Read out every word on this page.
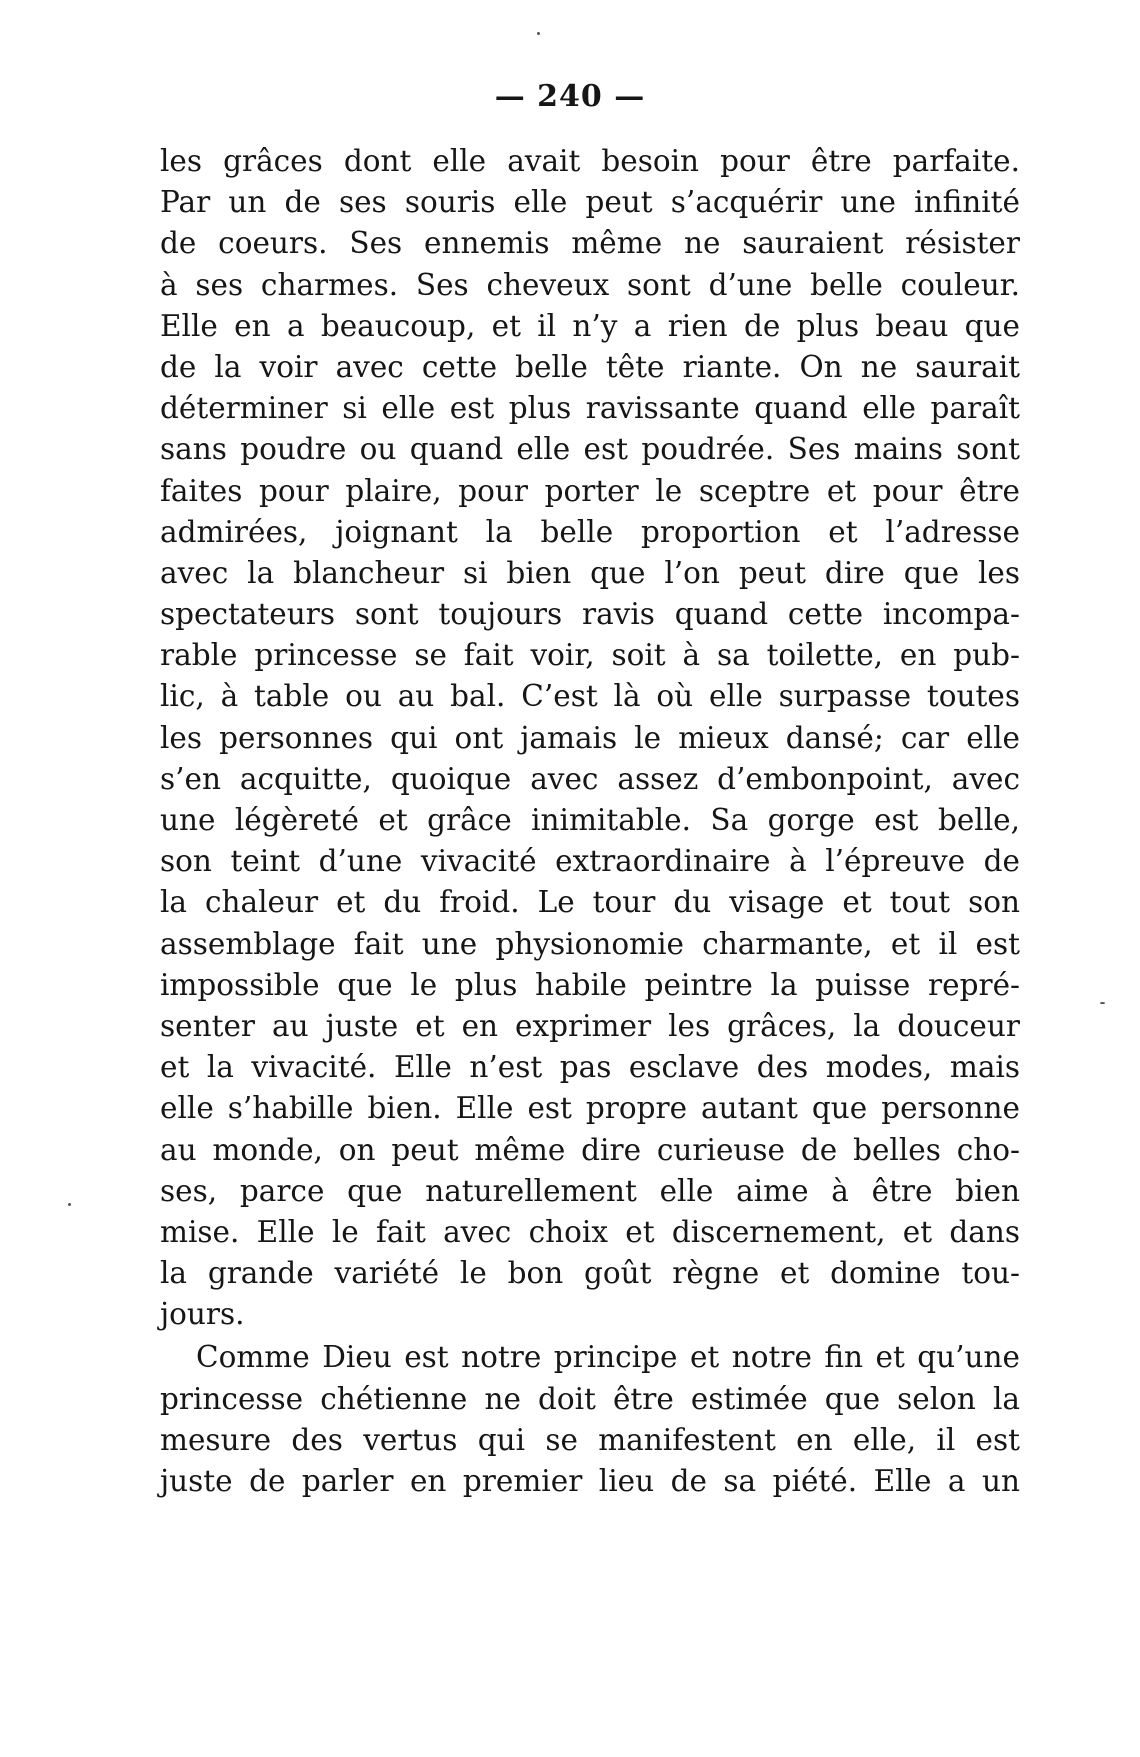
— 240 —
les grâces dont elle avait besoin pour être parfaite.
Par un de ses souris elle peut s’acquérir une infinité
de coeurs. Ses ennemis même ne sauraient résister
à ses charmes. Ses cheveux sont d’une belle couleur.
Elle en a beaucoup, et il n’y a rien de plus beau que
de la voir avec cette belle tête riante. On ne saurait
déterminer si elle est plus ravissante quand elle paraît
sans poudre ou quand elle est poudrée. Ses mains sont
faites pour plaire, pour porter le sceptre et pour être
admirées, joignant la belle proportion et l’adresse
avec la blancheur si bien que l’on peut dire que les
spectateurs sont toujours ravis quand cette incompa-
rable princesse se fait voir, soit à sa toilette, en pub-
lic, à table ou au bal. C’est là où elle surpasse toutes
les personnes qui ont jamais le mieux dansé; car elle
s’en acquitte, quoique avec assez d’embonpoint, avec
une légèreté et grâce inimitable. Sa gorge est belle,
son teint d’une vivacité extraordinaire à l’épreuve de
la chaleur et du froid. Le tour du visage et tout son
assemblage fait une physionomie charmante, et il est
impossible que le plus habile peintre la puisse repré-
senter au juste et en exprimer les grâces, la douceur
et la vivacité. Elle n’est pas esclave des modes, mais
elle s’habille bien. Elle est propre autant que personne
au monde, on peut même dire curieuse de belles cho-
ses, parce que naturellement elle aime à être bien
mise. Elle le fait avec choix et discernement, et dans
la grande variété le bon goût règne et domine tou-
jours.
Comme Dieu est notre principe et notre fin et qu’une
princesse chétienne ne doit être estimée que selon la
mesure des vertus qui se manifestent en elle, il est
juste de parler en premier lieu de sa piété. Elle a un
